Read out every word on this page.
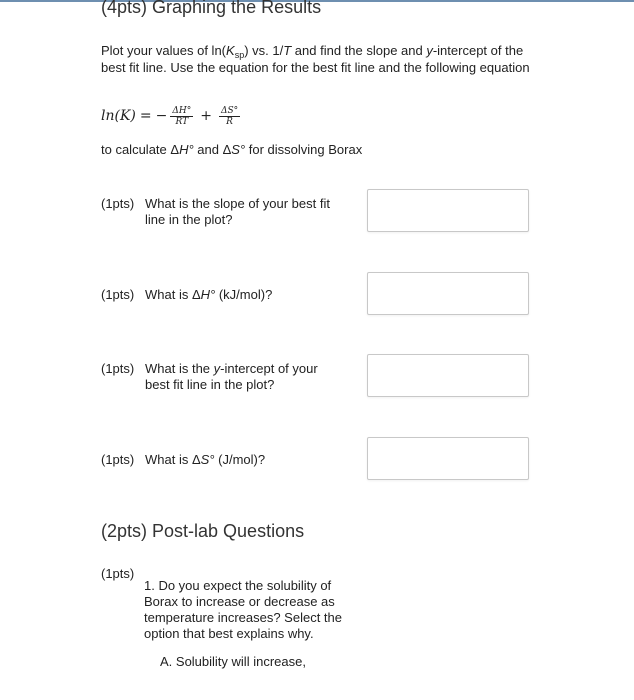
(4pts) Graphing the Results
Plot your values of $\ln(K_{sp})$ vs. 1/T and find the slope and y-intercept of the best fit line. Use the equation for the best fit line and the following equation
ln(K) = − $\frac{\Delta H^\circ}{RT} + \frac{\Delta S^\circ}{R}$
to calculate ΔH° and ΔS° for dissolving Borax
(1pts) What is the slope of your best fit line in the plot?
(1pts) What is ΔH° (kJ/mol)?
(1pts) What is the y-intercept of your best fit line in the plot?
(1pts) What is ΔS° (J/mol)?
(2pts) Post-lab Questions
(1pts)
1. Do you expect the solubility of Borax to increase or decrease as temperature increases? Select the option that best explains why.
A. Solubility will increase,
